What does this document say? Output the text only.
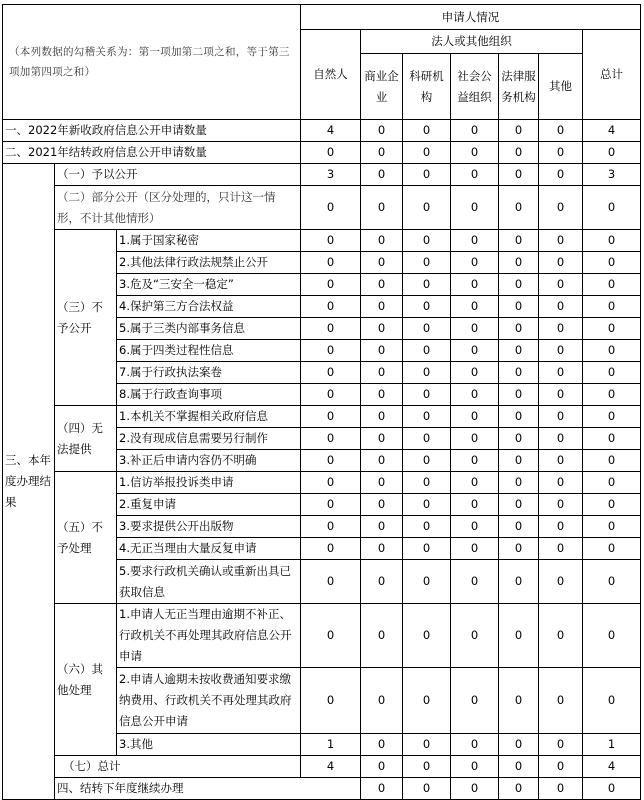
（本列数据的勾稽关系为：第一项加第二项之和，等于第三项加第四项之和）			申请人情况							
			自然人	法人或其他组织					总计	
				商业企业	科研机构	社会公益组织	法律服务机构	其他		
一、2022年新收政府信息公开申请数量			4	0	0	0	0	0	4	
二、2021年结转政府信息公开申请数量			0	0	0	0	0	0	0	
三、本年度办理结果	（一）予以公开		3	0	0	0	0	0	3	
	（二）部分公开（区分处理的，只计这一情形，不计其他情形）		0	0	0	0	0	0	0	
	（三）不予公开	1.属于国家秘密	0	0	0	0	0	0	0	
		2.其他法律行政法规禁止公开	0	0	0	0	0	0	0	
		3.危及“三安全一稳定”	0	0	0	0	0	0	0	
		4.保护第三方合法权益	0	0	0	0	0	0	0	
		5.属于三类内部事务信息	0	0	0	0	0	0	0	
		6.属于四类过程性信息	0	0	0	0	0	0	0	
		7.属于行政执法案卷	0	0	0	0	0	0	0	
		8.属于行政查询事项	0	0	0	0	0	0	0	
	（四）无法提供	1.本机关不掌握相关政府信息	0	0	0	0	0	0	0	
		2.没有现成信息需要另行制作	0	0	0	0	0	0	0	
		3.补正后申请内容仍不明确	0	0	0	0	0	0	0	
	（五）不予处理	1.信访举报投诉类申请	0	0	0	0	0	0	0	
		2.重复申请	0	0	0	0	0	0	0	
		3.要求提供公开出版物	0	0	0	0	0	0	0	
		4.无正当理由大量反复申请	0	0	0	0	0	0	0	
		5.要求行政机关确认或重新出具已获取信息	0	0	0	0	0	0	0	
	（六）其他处理	1.申请人无正当理由逾期不补正、行政机关不再处理其政府信息公开申请	0	0	0	0	0	0	0	
		2.申请人逾期未按收费通知要求缴纳费用、行政机关不再处理其政府信息公开申请	0	0	0	0	0	0	0	
		3.其他	1	0	0	0	0	0	1	
	（七）总计		4	0	0	0	0	0	4	
	四、结转下年度继续办理			0	0	0	0	0	0	
